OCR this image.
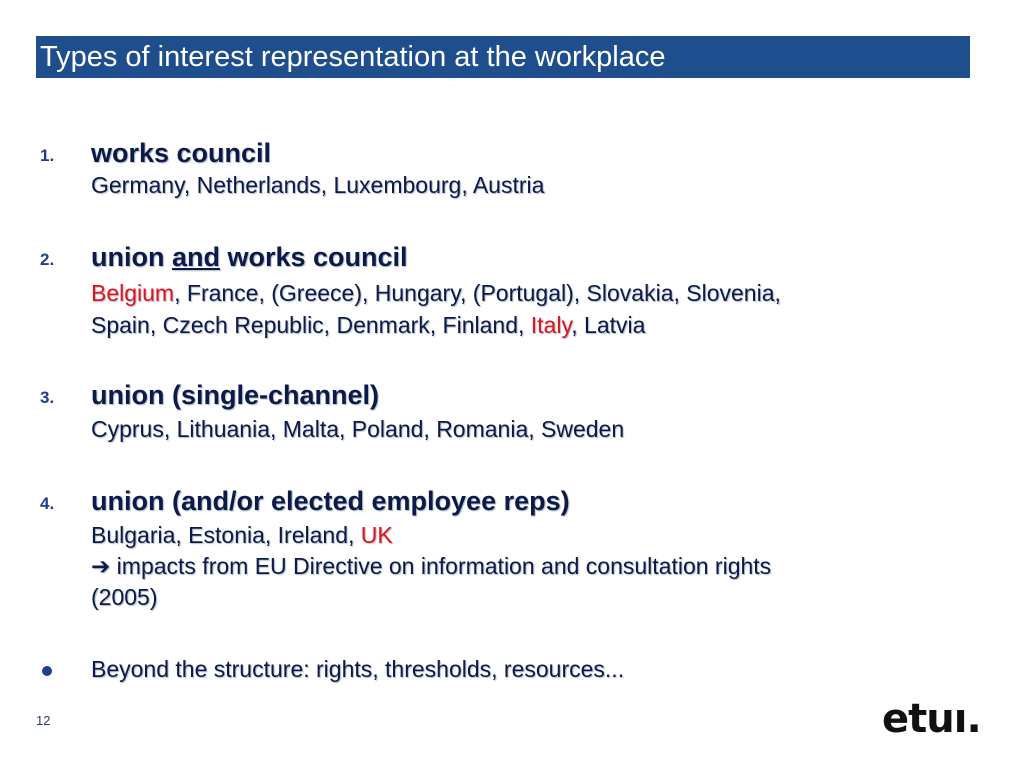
Types of interest representation at the workplace
1. works council
Germany, Netherlands, Luxembourg, Austria
2. union and works council
Belgium, France, (Greece), Hungary, (Portugal), Slovakia, Slovenia,
Spain, Czech Republic, Denmark, Finland, Italy, Latvia
3. union (single-channel)
Cyprus, Lithuania, Malta, Poland, Romania, Sweden
4. union (and/or elected employee reps)
Bulgaria, Estonia, Ireland, UK
➔ impacts from EU Directive on information and consultation rights
(2005)
Beyond the structure: rights, thresholds, resources...
12	etuı.
